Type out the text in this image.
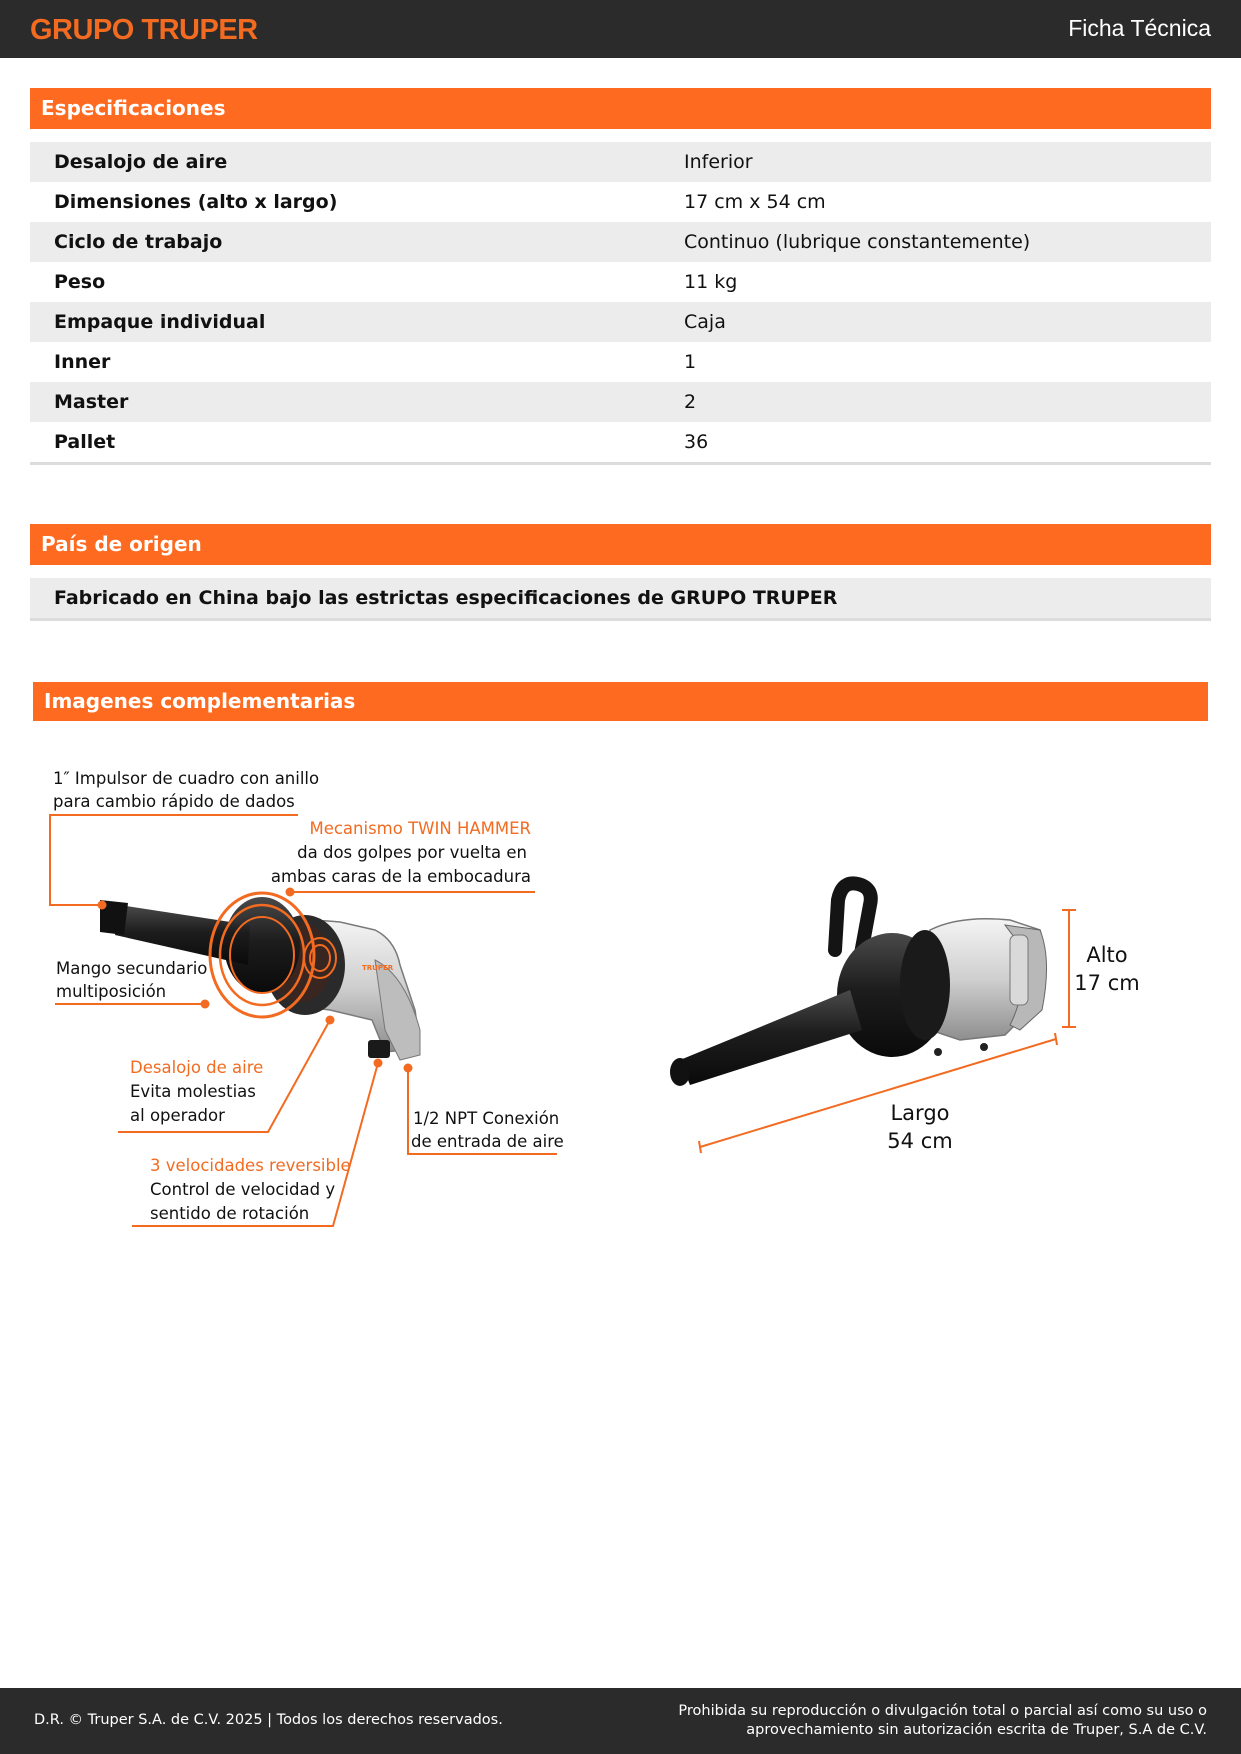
GRUPO TRUPER	Ficha Técnica
Especificaciones
Desalojo de aire	Inferior
Dimensiones (alto x largo)	17 cm x 54 cm
Ciclo de trabajo	Continuo (lubrique constantemente)
Peso	11 kg
Empaque individual	Caja
Inner	1
Master	2
Pallet	36
País de origen
Fabricado en China bajo las estrictas especificaciones de GRUPO TRUPER
Imagenes complementarias
TRUPER
1″ Impulsor de cuadro con anillo
para cambio rápido de dados
Mecanismo TWIN HAMMER
da dos golpes por vuelta en
ambas caras de la embocadura
Mango secundario
multiposición
Desalojo de aire
Evita molestias
al operador	1/2 NPT Conexión
de entrada de aire
3 velocidades reversible
Control de velocidad y
sentido de rotación
Alto
17 cm
Largo
54 cm
D.R. © Truper S.A. de C.V. 2025 | Todos los derechos reservados.
Prohibida su reproducción o divulgación total o parcial así como su uso o aprovechamiento sin autorización escrita de Truper, S.A de C.V.
